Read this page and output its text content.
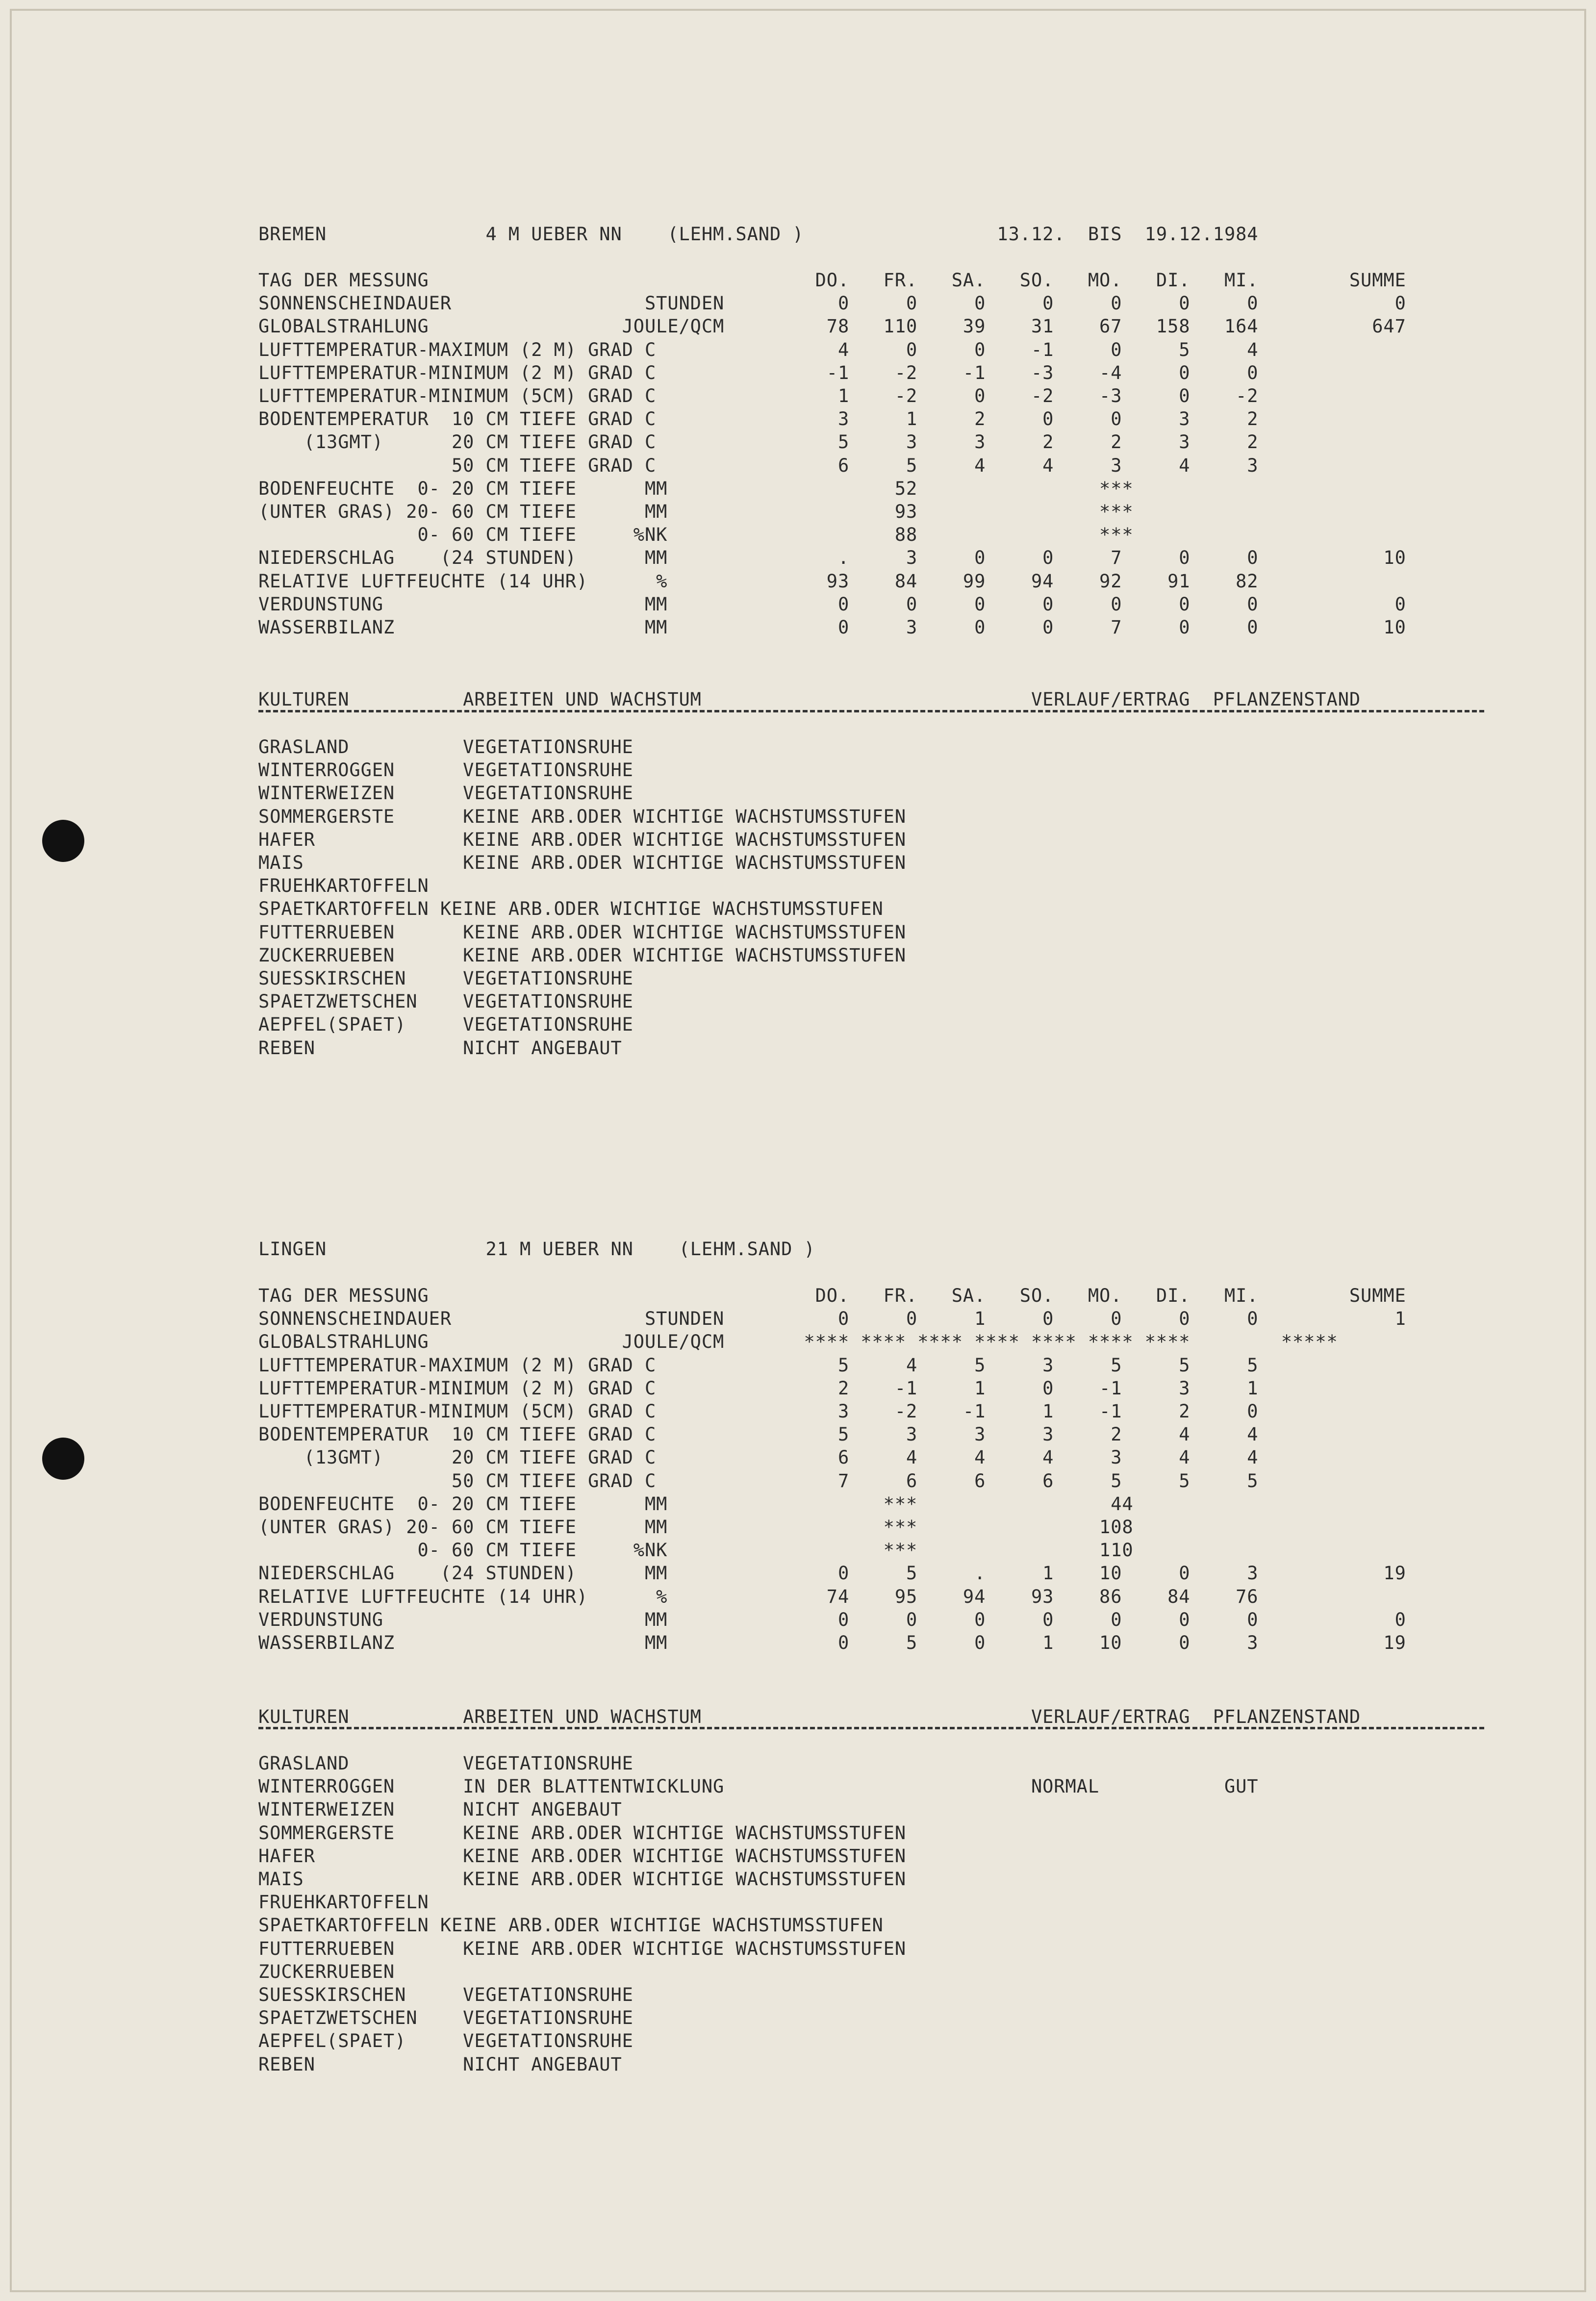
BREMEN              4 M UEBER NN    (LEHM.SAND )                 13.12.  BIS  19.12.1984
TAG DER MESSUNG                                  DO.   FR.   SA.   SO.   MO.   DI.   MI.        SUMME
SONNENSCHEINDAUER                 STUNDEN          0     0     0     0     0     0     0            0
GLOBALSTRAHLUNG                 JOULE/QCM         78   110    39    31    67   158   164          647
LUFTTEMPERATUR-MAXIMUM (2 M) GRAD C                4     0     0    -1     0     5     4
LUFTTEMPERATUR-MINIMUM (2 M) GRAD C               -1    -2    -1    -3    -4     0     0
LUFTTEMPERATUR-MINIMUM (5CM) GRAD C                1    -2     0    -2    -3     0    -2
BODENTEMPERATUR  10 CM TIEFE GRAD C                3     1     2     0     0     3     2
(13GMT)      20 CM TIEFE GRAD C                5     3     3     2     2     3     2
50 CM TIEFE GRAD C                6     5     4     4     3     4     3
BODENFEUCHTE  0- 20 CM TIEFE      MM                    52                ***
(UNTER GRAS) 20- 60 CM TIEFE      MM                    93                ***
0- 60 CM TIEFE     %NK                    88                ***
NIEDERSCHLAG    (24 STUNDEN)      MM               .     3     0     0     7     0     0           10
RELATIVE LUFTFEUCHTE (14 UHR)      %              93    84    99    94    92    91    82
VERDUNSTUNG                       MM               0     0     0     0     0     0     0            0
WASSERBILANZ                      MM               0     3     0     0     7     0     0           10
KULTUREN          ARBEITEN UND WACHSTUM                             VERLAUF/ERTRAG  PFLANZENSTAND
GRASLAND          VEGETATIONSRUHE
WINTERROGGEN      VEGETATIONSRUHE
WINTERWEIZEN      VEGETATIONSRUHE
SOMMERGERSTE      KEINE ARB.ODER WICHTIGE WACHSTUMSSTUFEN
HAFER             KEINE ARB.ODER WICHTIGE WACHSTUMSSTUFEN
MAIS              KEINE ARB.ODER WICHTIGE WACHSTUMSSTUFEN
FRUEHKARTOFFELN
SPAETKARTOFFELN KEINE ARB.ODER WICHTIGE WACHSTUMSSTUFEN
FUTTERRUEBEN      KEINE ARB.ODER WICHTIGE WACHSTUMSSTUFEN
ZUCKERRUEBEN      KEINE ARB.ODER WICHTIGE WACHSTUMSSTUFEN
SUESSKIRSCHEN     VEGETATIONSRUHE
SPAETZWETSCHEN    VEGETATIONSRUHE
AEPFEL(SPAET)     VEGETATIONSRUHE
REBEN             NICHT ANGEBAUT
LINGEN              21 M UEBER NN    (LEHM.SAND )
TAG DER MESSUNG                                  DO.   FR.   SA.   SO.   MO.   DI.   MI.        SUMME
SONNENSCHEINDAUER                 STUNDEN          0     0     1     0     0     0     0            1
GLOBALSTRAHLUNG                 JOULE/QCM       **** **** **** **** **** **** ****        *****
LUFTTEMPERATUR-MAXIMUM (2 M) GRAD C                5     4     5     3     5     5     5
LUFTTEMPERATUR-MINIMUM (2 M) GRAD C                2    -1     1     0    -1     3     1
LUFTTEMPERATUR-MINIMUM (5CM) GRAD C                3    -2    -1     1    -1     2     0
BODENTEMPERATUR  10 CM TIEFE GRAD C                5     3     3     3     2     4     4
(13GMT)      20 CM TIEFE GRAD C                6     4     4     4     3     4     4
50 CM TIEFE GRAD C                7     6     6     6     5     5     5
BODENFEUCHTE  0- 20 CM TIEFE      MM                   ***                 44
(UNTER GRAS) 20- 60 CM TIEFE      MM                   ***                108
0- 60 CM TIEFE     %NK                   ***                110
NIEDERSCHLAG    (24 STUNDEN)      MM               0     5     .     1    10     0     3           19
RELATIVE LUFTFEUCHTE (14 UHR)      %              74    95    94    93    86    84    76
VERDUNSTUNG                       MM               0     0     0     0     0     0     0            0
WASSERBILANZ                      MM               0     5     0     1    10     0     3           19
KULTUREN          ARBEITEN UND WACHSTUM                             VERLAUF/ERTRAG  PFLANZENSTAND
GRASLAND          VEGETATIONSRUHE
WINTERROGGEN      IN DER BLATTENTWICKLUNG                           NORMAL           GUT
WINTERWEIZEN      NICHT ANGEBAUT
SOMMERGERSTE      KEINE ARB.ODER WICHTIGE WACHSTUMSSTUFEN
HAFER             KEINE ARB.ODER WICHTIGE WACHSTUMSSTUFEN
MAIS              KEINE ARB.ODER WICHTIGE WACHSTUMSSTUFEN
FRUEHKARTOFFELN
SPAETKARTOFFELN KEINE ARB.ODER WICHTIGE WACHSTUMSSTUFEN
FUTTERRUEBEN      KEINE ARB.ODER WICHTIGE WACHSTUMSSTUFEN
ZUCKERRUEBEN
SUESSKIRSCHEN     VEGETATIONSRUHE
SPAETZWETSCHEN    VEGETATIONSRUHE
AEPFEL(SPAET)     VEGETATIONSRUHE
REBEN             NICHT ANGEBAUT
